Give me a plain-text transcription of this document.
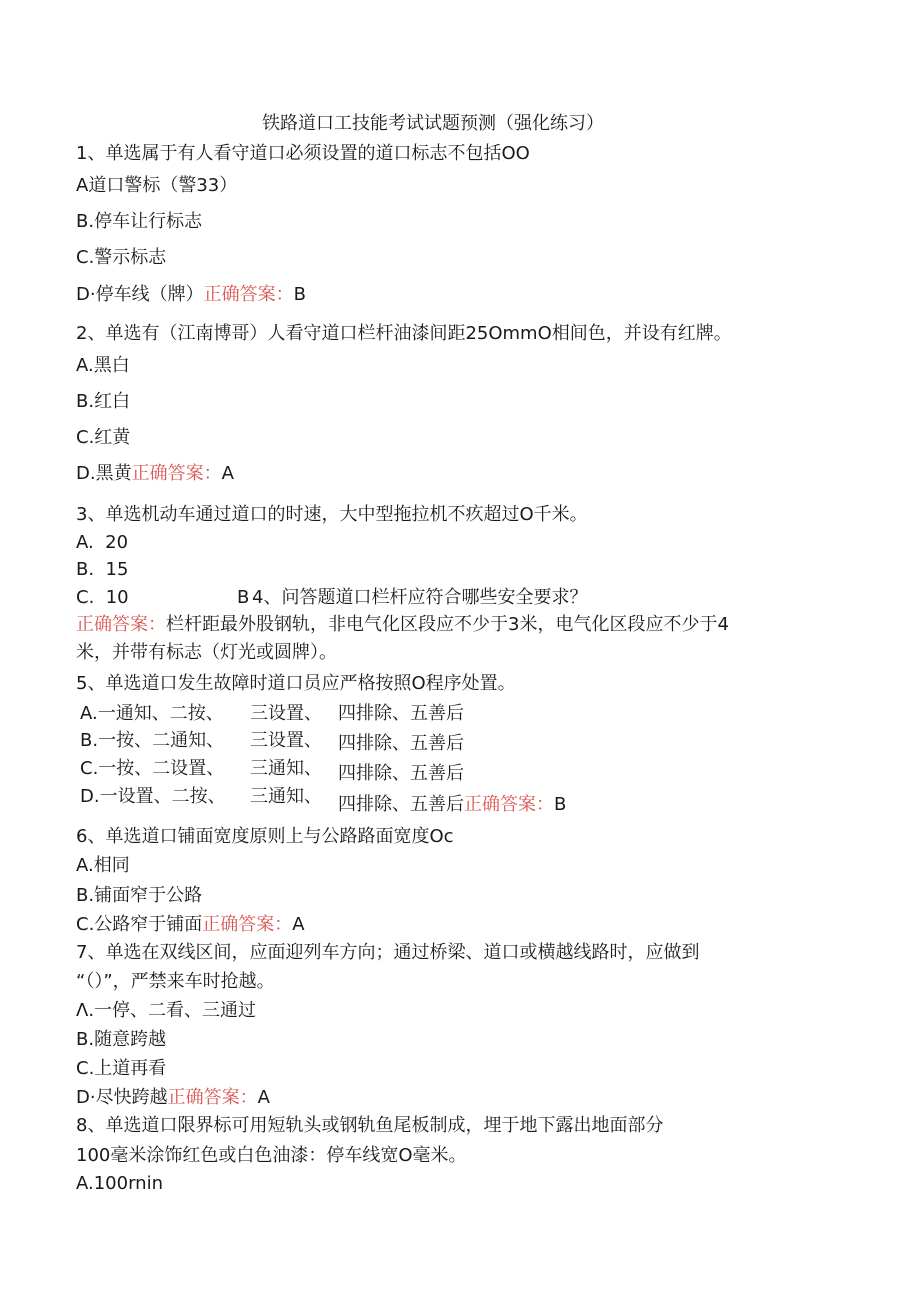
铁路道口工技能考试试题预测（强化练习）
1、单选属于有人看守道口必须设置的道口标志不包括OO
A道口警标（警33）
B.停车让行标志
C.警示标志
D·停车线（牌）正确答案：B
2、单选有（江南博哥）人看守道口栏杆油漆间距25OmmO相间色，并设有红牌。
A.黑白
B.红白
C.红黄
D.黑黄正确答案：A
3、单选机动车通过道口的时速，大中型拖拉机不疚超过O千米。
A.  20
B.  15
C.  10	B 4、问答题道口栏杆应符合哪些安全要求？
正确答案：栏杆距最外股钢轨，非电气化区段应不少于3米，电气化区段应不少于4
米，并带有标志（灯光或圆牌）。
5、单选道口发生故障时道口员应严格按照O程序处置。
A.一通知、二按、 三设置、 四排除、五善后
B.一按、二通知、 三设置、 四排除、五善后
C.一按、二设置、 三通知、 四排除、五善后
D.一设置、二按、 三通知、 四排除、五善后正确答案：B
6、单选道口铺面宽度原则上与公路路面宽度Oc
A.相同
B.铺面窄于公路
C.公路窄于铺面正确答案：A
7、单选在双线区间，应面迎列车方向；通过桥梁、道口或横越线路时，应做到
“（）”，严禁来车时抢越。
Λ.一停、二看、三通过
B.随意跨越
C.上道再看
D·尽快跨越正确答案：A
8、单选道口限界标可用短轨头或钢轨鱼尾板制成，埋于地下露出地面部分
100毫米涂饰红色或白色油漆：停车线宽O毫米。
A.100rnin
